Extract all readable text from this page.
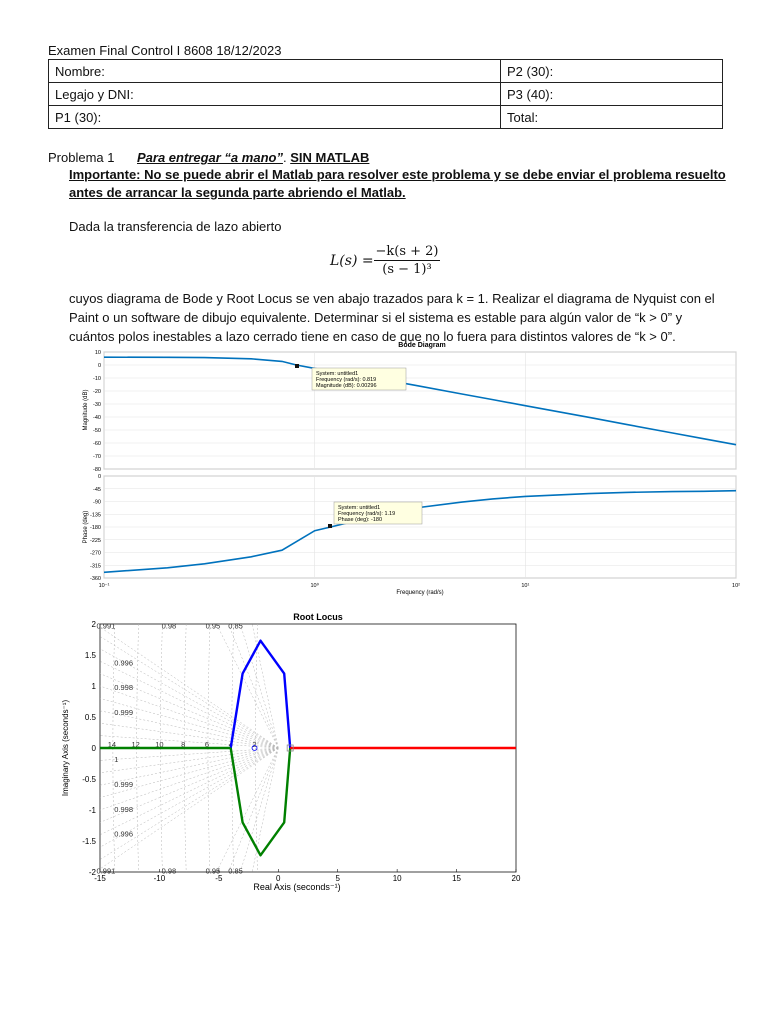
Examen Final Control I 8608 18/12/2023
Nombre:	P2 (30):
Legajo y DNI:	P3 (40):
P1 (30):	Total:
Problema 1 Para entregar “a mano”. SIN MATLAB
Importante: No se puede abrir el Matlab para resolver este problema y se debe enviar el problema resuelto antes de arrancar la segunda parte abriendo el Matlab.
Dada la transferencia de lazo abierto
$L(s) = \frac{-k(s + 2)}{\text{(s − 1)³}}$
cuyos diagrama de Bode y Root Locus se ven abajo trazados para k = 1. Realizar el diagrama de Nyquist con el Paint o un software de dibujo equivalente. Determinar si el sistema es estable para algún valor de “k > 0” y cuántos polos inestables a lazo cerrado tiene en caso de que no lo fuera para distintos valores de “k > 0”.
Bode Diagram
10
0
-10
-20
-30
-40
-50
-60
-70
-80
0
-45
-90
-135
-180
-225
-270
-315
-360
10⁻¹	10⁰	10¹	10²
Magnitude (dB)
Phase (deg)
Frequency (rad/s)
System: untitled1
Frequency (rad/s): 0.819
Magnitude (dB): 0.00296
System: untitled1
Frequency (rad/s): 1.19
Phase (deg): -180
Root Locus
-15	-10	-5	0	5	10	15	20
2
1.5
1
0.5
0
-0.5
-1
-1.5
-2
0.991
0.991
0.98
0.98
0.95
0.95
0.85
0.85
0.996
0.996
0.998
0.998
0.999
0.999
1
14 12 10 8	6	4	2
Real Axis (seconds⁻¹)
Imaginary Axis (seconds⁻¹)
